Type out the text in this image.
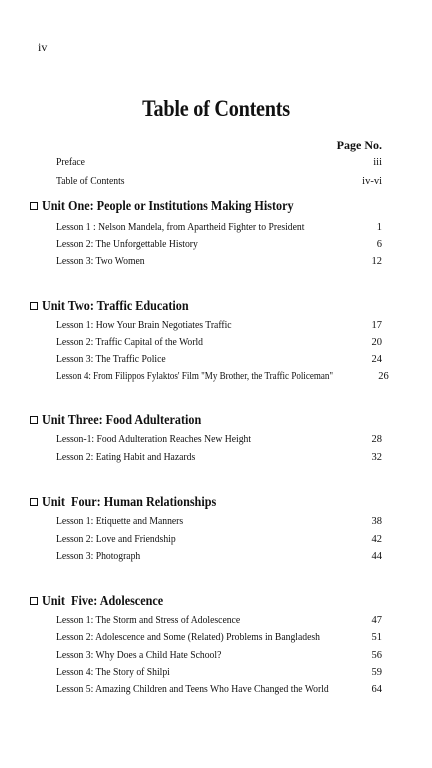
iv
Table of Contents
Page No.
Preface	iii
Table of Contents	iv-vi
Unit One: People or Institutions Making History
Lesson 1 : Nelson Mandela, from Apartheid Fighter to President	1
Lesson 2: The Unforgettable History	6
Lesson 3: Two Women	12
Unit Two: Traffic Education
Lesson 1: How Your Brain Negotiates Traffic	17
Lesson 2: Traffic Capital of the World	20
Lesson 3: The Traffic Police	24
Lesson 4: From Filippos Fylaktos' Film "My Brother, the Traffic Policeman"	26
Unit Three: Food Adulteration
Lesson-1: Food Adulteration Reaches New Height	28
Lesson 2: Eating Habit and Hazards	32
Unit  Four: Human Relationships
Lesson 1: Etiquette and Manners	38
Lesson 2: Love and Friendship	42
Lesson 3: Photograph	44
Unit  Five: Adolescence
Lesson 1: The Storm and Stress of Adolescence	47
Lesson 2: Adolescence and Some (Related) Problems in Bangladesh	51
Lesson 3: Why Does a Child Hate School?	56
Lesson 4: The Story of Shilpi	59
Lesson 5: Amazing Children and Teens Who Have Changed the World	64
